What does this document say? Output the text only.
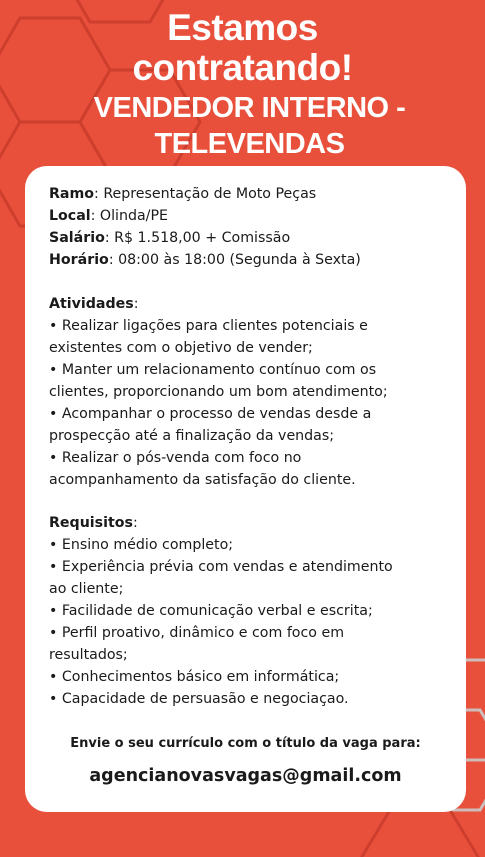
Estamos
contratando!
VENDEDOR INTERNO -
TELEVENDAS
Ramo: Representação de Moto Peças
Local: Olinda/PE
Salário: R$ 1.518,00 + Comissão
Horário: 08:00 às 18:00 (Segunda à Sexta)
Atividades:
• Realizar ligações para clientes potenciais e
existentes com o objetivo de vender;
• Manter um relacionamento contínuo com os
clientes, proporcionando um bom atendimento;
• Acompanhar o processo de vendas desde a
prospecção até a finalização da vendas;
• Realizar o pós-venda com foco no
acompanhamento da satisfação do cliente.
Requisitos:
• Ensino médio completo;
• Experiência prévia com vendas e atendimento
ao cliente;
• Facilidade de comunicação verbal e escrita;
• Perfil proativo, dinâmico e com foco em
resultados;
• Conhecimentos básico em informática;
• Capacidade de persuasão e negociaçao.
Envie o seu currículo com o título da vaga para:
agencianovasvagas@gmail.com
